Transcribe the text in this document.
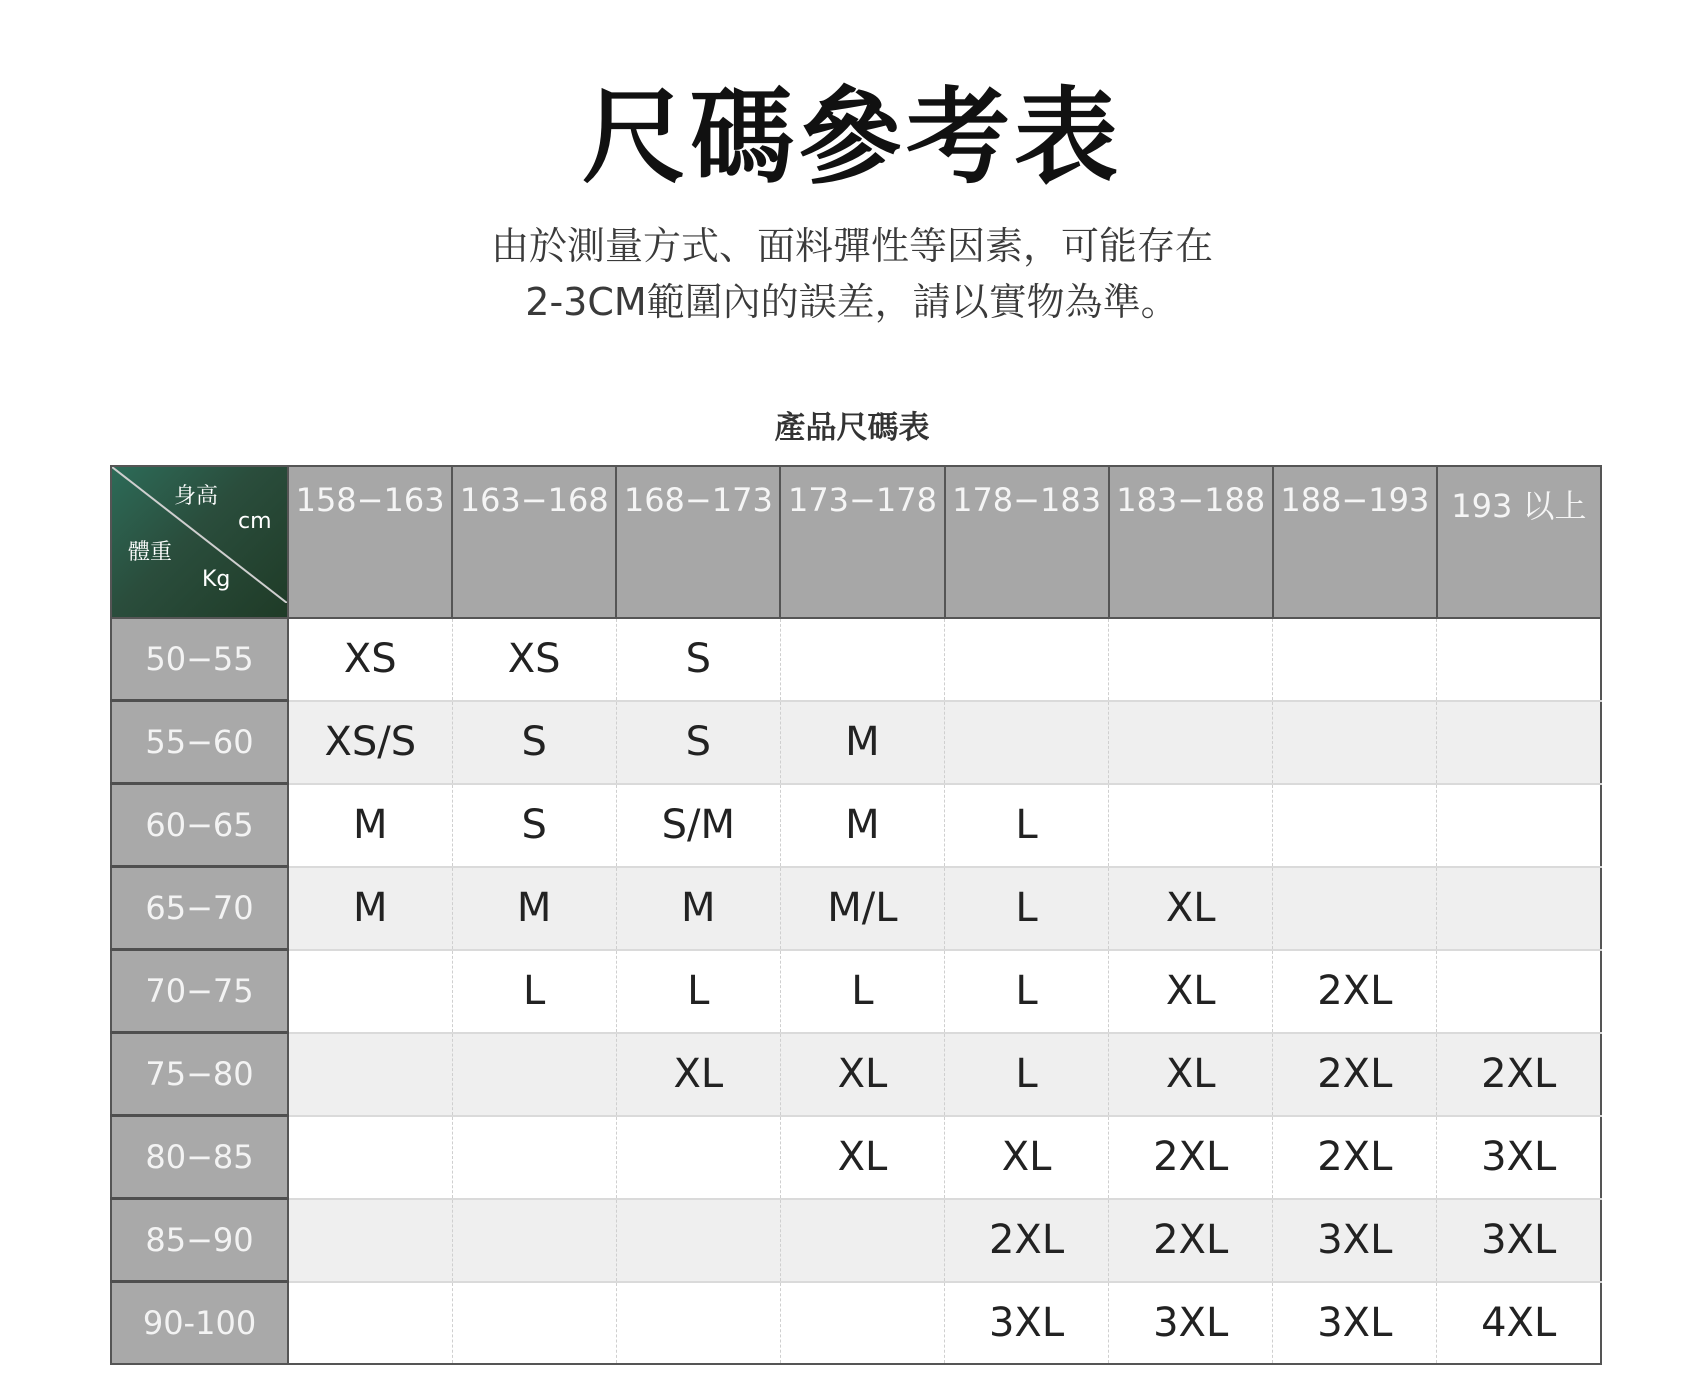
尺碼參考表
由於測量方式、面料彈性等因素，可能存在
2-3CM範圍內的誤差，請以實物為準。
產品尺碼表
身高
cm
體重
Kg	158−163	163−168	168−173	173−178	178−183	183−188	188−193	193 以上
50−55	XS	XS	S					
55−60	XS/S	S	S	M				
60−65	M	S	S/M	M	L			
65−70	M	M	M	M/L	L	XL		
70−75		L	L	L	L	XL	2XL	
75−80			XL	XL	L	XL	2XL	2XL
80−85				XL	XL	2XL	2XL	3XL
85−90					2XL	2XL	3XL	3XL
90-100					3XL	3XL	3XL	4XL
